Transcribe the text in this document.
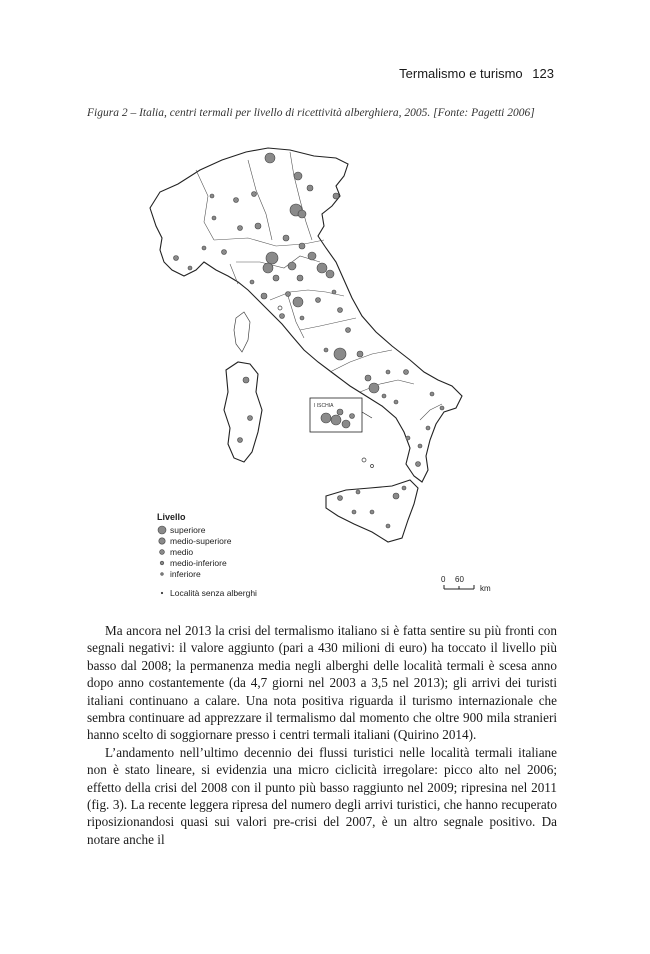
Termalismo e turismo 123
Figura 2 – Italia, centri termali per livello di ricettività alberghiera, 2005. [Fonte: Pagetti 2006]
I ISCHIA
Livello
superiore
medio-superiore
medio
medio-inferiore
inferiore
Località senza alberghi
0 60
km

Ma ancora nel 2013 la crisi del termalismo italiano si è fatta sentire su più fronti con segnali negativi: il valore aggiunto (pari a 430 milioni di euro) ha toccato il livello più basso dal 2008; la permanenza media negli alberghi delle località termali è scesa anno dopo anno costantemente (da 4,7 giorni nel 2003 a 3,5 nel 2013); gli arrivi dei turisti italiani continuano a calare. Una nota positiva riguarda il turismo internazionale che sembra continuare ad apprezzare il termalismo dal momento che oltre 900 mila stranieri hanno scelto di soggiornare presso i centri termali italiani (Quirino 2014).

L’andamento nell’ultimo decennio dei flussi turistici nelle località termali italiane non è stato lineare, si evidenzia una micro ciclicità irregolare: picco alto nel 2006; effetto della crisi del 2008 con il punto più basso raggiunto nel 2009; ripresina nel 2011 (fig. 3). La recente leggera ripresa del numero degli arrivi turistici, che hanno recuperato riposizionandosi quasi sui valori pre-crisi del 2007, è un altro segnale positivo. Da notare anche il
